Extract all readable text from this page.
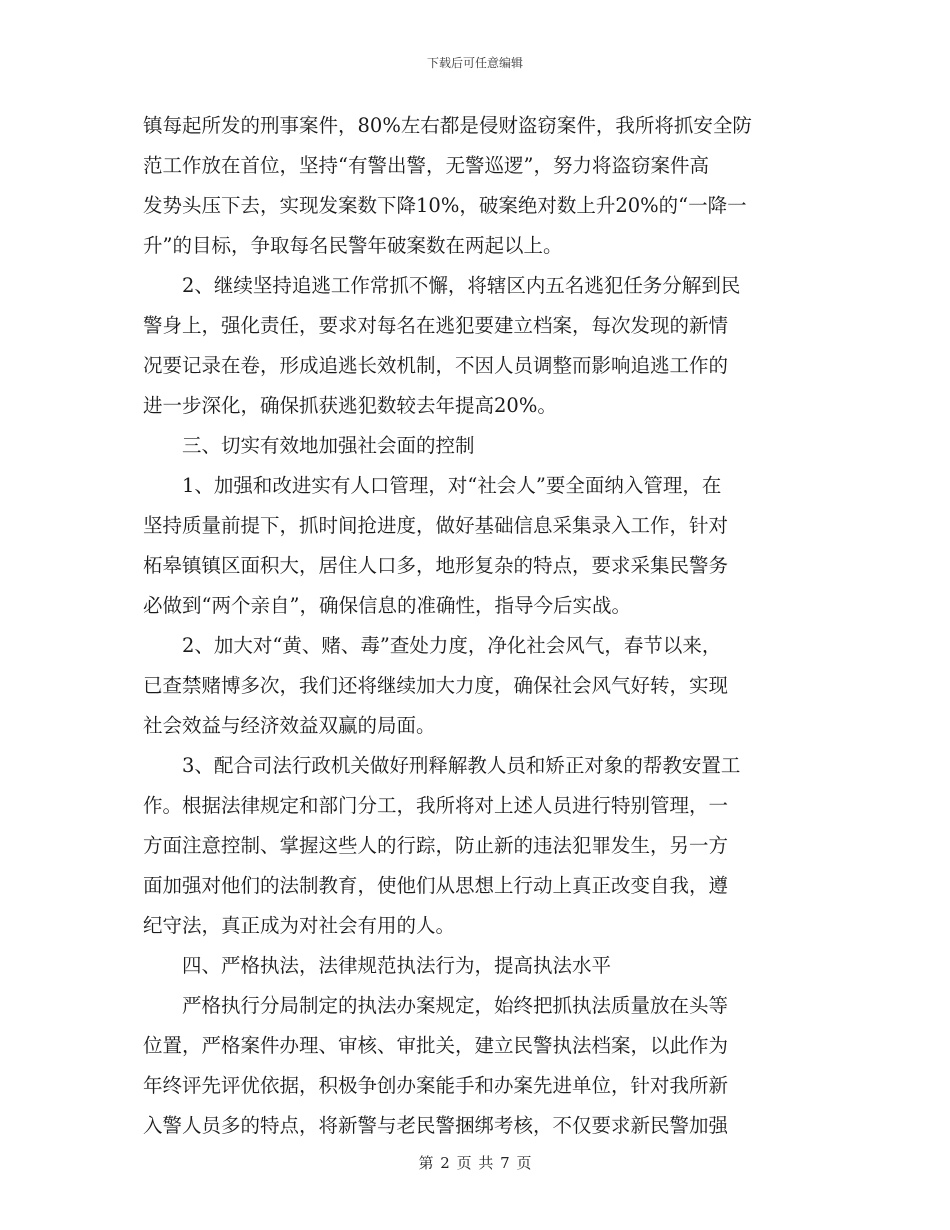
下载后可任意编辑
镇每起所发的刑事案件，80%左右都是侵财盗窃案件，我所将抓安全防
范工作放在首位，坚持“有警出警，无警巡逻”，努力将盗窃案件高
发势头压下去，实现发案数下降10%，破案绝对数上升20%的“一降一
升”的目标，争取每名民警年破案数在两起以上。
　　2、继续坚持追逃工作常抓不懈，将辖区内五名逃犯任务分解到民
警身上，强化责任，要求对每名在逃犯要建立档案，每次发现的新情
况要记录在卷，形成追逃长效机制，不因人员调整而影响追逃工作的
进一步深化，确保抓获逃犯数较去年提高20%。
　　三、切实有效地加强社会面的控制
　　1、加强和改进实有人口管理，对“社会人”要全面纳入管理，在
坚持质量前提下，抓时间抢进度，做好基础信息采集录入工作，针对
柘皋镇镇区面积大，居住人口多，地形复杂的特点，要求采集民警务
必做到“两个亲自”，确保信息的准确性，指导今后实战。
　　2、加大对“黄、赌、毒”查处力度，净化社会风气，春节以来，
已查禁赌博多次，我们还将继续加大力度，确保社会风气好转，实现
社会效益与经济效益双赢的局面。
　　3、配合司法行政机关做好刑释解教人员和矫正对象的帮教安置工
作。根据法律规定和部门分工，我所将对上述人员进行特别管理，一
方面注意控制、掌握这些人的行踪，防止新的违法犯罪发生，另一方
面加强对他们的法制教育，使他们从思想上行动上真正改变自我，遵
纪守法，真正成为对社会有用的人。
　　四、严格执法，法律规范执法行为，提高执法水平
　　严格执行分局制定的执法办案规定，始终把抓执法质量放在头等
位置，严格案件办理、审核、审批关，建立民警执法档案，以此作为
年终评先评优依据，积极争创办案能手和办案先进单位，针对我所新
入警人员多的特点，将新警与老民警捆绑考核，不仅要求新民警加强
第 2 页 共 7 页
